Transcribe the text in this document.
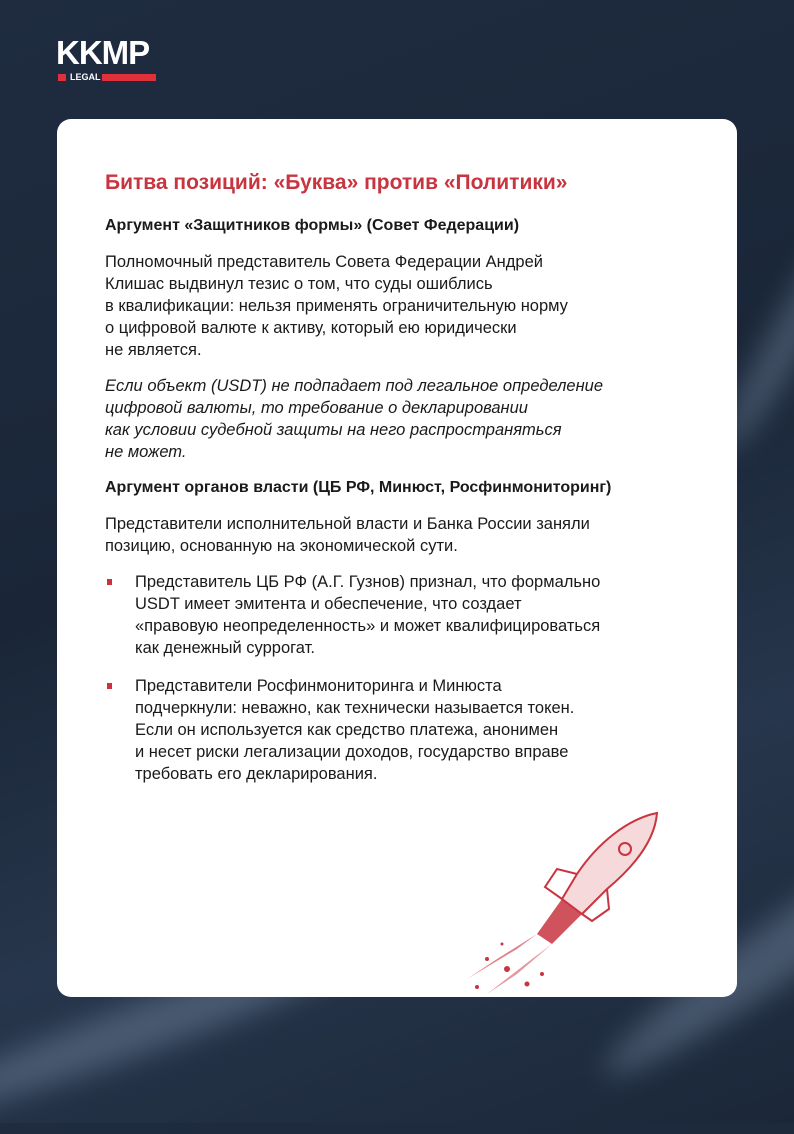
KKMP
LEGAL
Битва позиций: «Буква» против «Политики»
Аргумент «Защитников формы» (Совет Федерации)

Полномочный представитель Совета Федерации Андрей
Клишас выдвинул тезис о том, что суды ошиблись
в квалификации: нельзя применять ограничительную норму
о цифровой валюте к активу, который ею юридически
не является.

Если объект (USDT) не подпадает под легальное определение
цифровой валюты, то требование о декларировании
как условии судебной защиты на него распространяться
не может.

Аргумент органов власти (ЦБ РФ, Минюст, Росфинмониторинг)

Представители исполнительной власти и Банка России заняли
позицию, основанную на экономической сути.

Представитель ЦБ РФ (А.Г. Гузнов) признал, что формально
USDT имеет эмитента и обеспечение, что создает
«правовую неопределенность» и может квалифицироваться
как денежный суррогат.
Представители Росфинмониторинга и Минюста
подчеркнули: неважно, как технически называется токен.
Если он используется как средство платежа, анонимен
и несет риски легализации доходов, государство вправе
требовать его декларирования.
